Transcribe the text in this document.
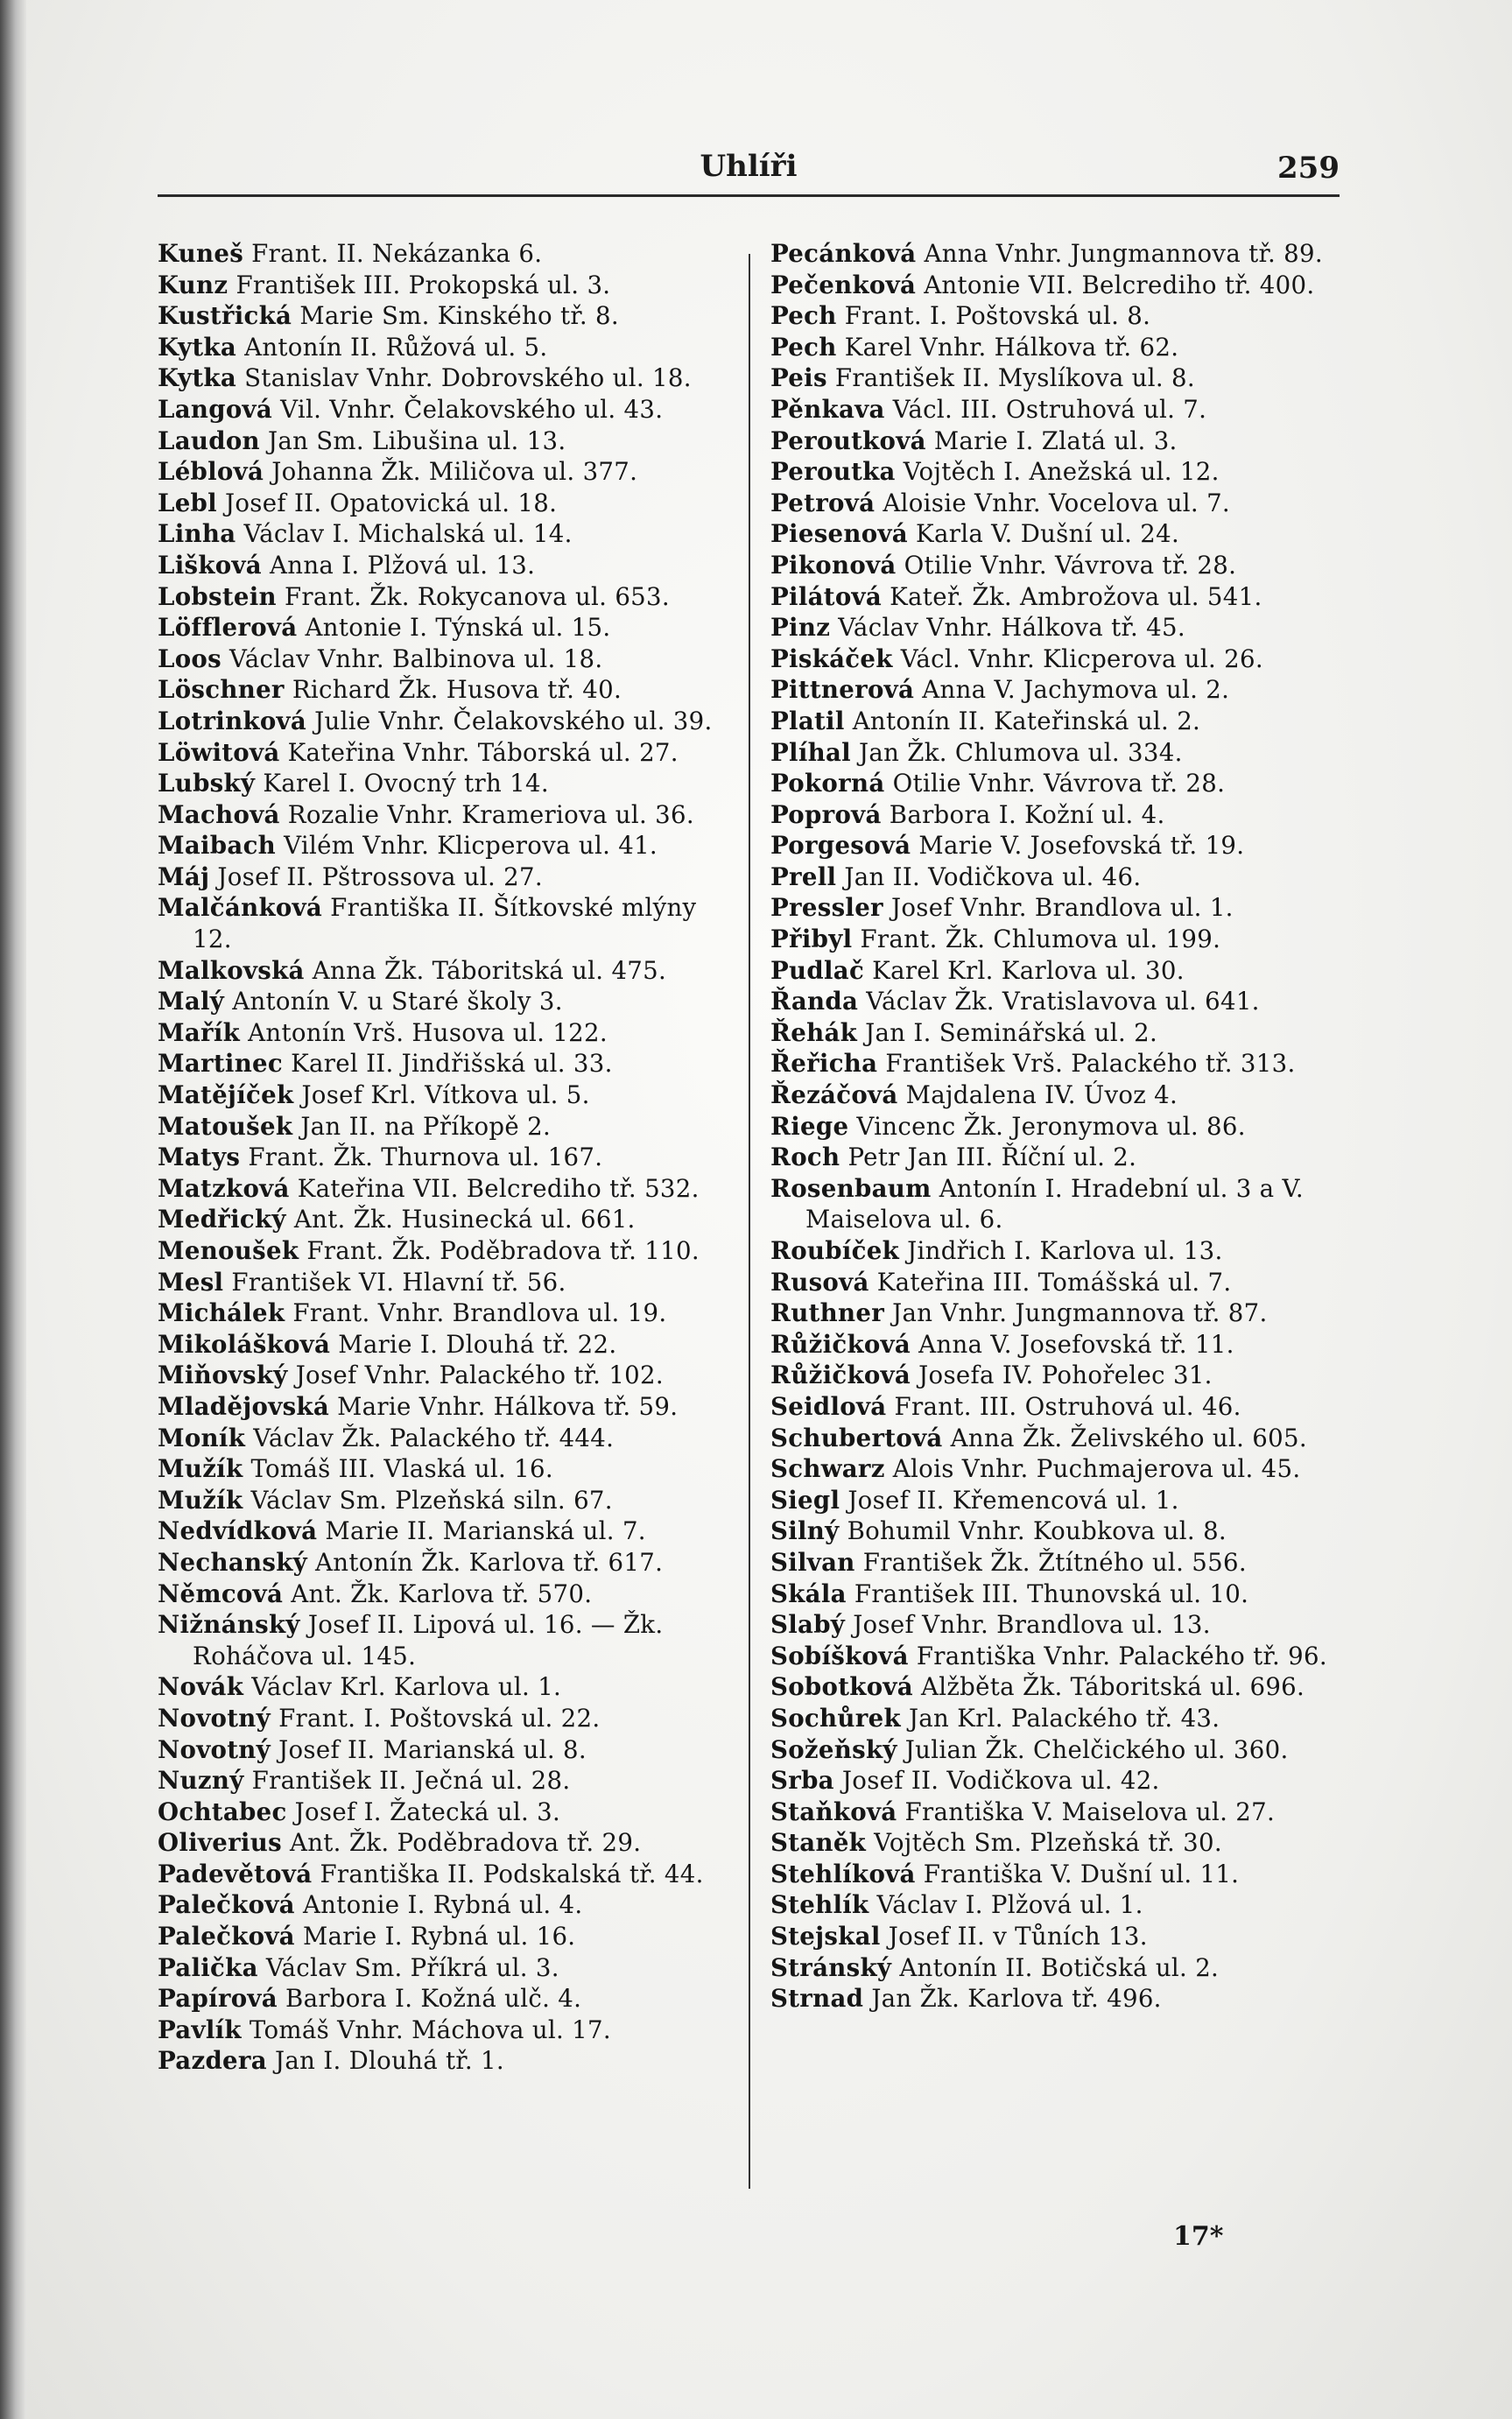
Uhlíři	259
Kuneš Frant. II. Nekázanka 6.
Kunz František III. Prokopská ul. 3.
Kustřická Marie Sm. Kinského tř. 8.
Kytka Antonín II. Růžová ul. 5.
Kytka Stanislav Vnhr. Dobrovského ul. 18.
Langová Vil. Vnhr. Čelakovského ul. 43.
Laudon Jan Sm. Libušina ul. 13.
Léblová Johanna Žk. Miličova ul. 377.
Lebl Josef II. Opatovická ul. 18.
Linha Václav I. Michalská ul. 14.
Lišková Anna I. Plžová ul. 13.
Lobstein Frant. Žk. Rokycanova ul. 653.
Löfflerová Antonie I. Týnská ul. 15.
Loos Václav Vnhr. Balbinova ul. 18.
Löschner Richard Žk. Husova tř. 40.
Lotrinková Julie Vnhr. Čelakovského ul. 39.
Löwitová Kateřina Vnhr. Táborská ul. 27.
Lubský Karel I. Ovocný trh 14.
Machová Rozalie Vnhr. Krameriova ul. 36.
Maibach Vilém Vnhr. Klicperova ul. 41.
Máj Josef II. Pštrossova ul. 27.
Malčánková Františka II. Šítkovské mlýny 12.
Malkovská Anna Žk. Táboritská ul. 475.
Malý Antonín V. u Staré školy 3.
Mařík Antonín Vrš. Husova ul. 122.
Martinec Karel II. Jindřišská ul. 33.
Matějíček Josef Krl. Vítkova ul. 5.
Matoušek Jan II. na Příkopě 2.
Matys Frant. Žk. Thurnova ul. 167.
Matzková Kateřina VII. Belcrediho tř. 532.
Medřický Ant. Žk. Husinecká ul. 661.
Menoušek Frant. Žk. Poděbradova tř. 110.
Mesl František VI. Hlavní tř. 56.
Michálek Frant. Vnhr. Brandlova ul. 19.
Mikolášková Marie I. Dlouhá tř. 22.
Miňovský Josef Vnhr. Palackého tř. 102.
Mladějovská Marie Vnhr. Hálkova tř. 59.
Moník Václav Žk. Palackého tř. 444.
Mužík Tomáš III. Vlaská ul. 16.
Mužík Václav Sm. Plzeňská siln. 67.
Nedvídková Marie II. Marianská ul. 7.
Nechanský Antonín Žk. Karlova tř. 617.
Němcová Ant. Žk. Karlova tř. 570.
Nižnánský Josef II. Lipová ul. 16. — Žk. Roháčova ul. 145.
Novák Václav Krl. Karlova ul. 1.
Novotný Frant. I. Poštovská ul. 22.
Novotný Josef II. Marianská ul. 8.
Nuzný František II. Ječná ul. 28.
Ochtabec Josef I. Žatecká ul. 3.
Oliverius Ant. Žk. Poděbradova tř. 29.
Padevětová Františka II. Podskalská tř. 44.
Palečková Antonie I. Rybná ul. 4.
Palečková Marie I. Rybná ul. 16.
Palička Václav Sm. Příkrá ul. 3.
Papírová Barbora I. Kožná ulč. 4.
Pavlík Tomáš Vnhr. Máchova ul. 17.
Pazdera Jan I. Dlouhá tř. 1.
Pecánková Anna Vnhr. Jungmannova tř. 89.
Pečenková Antonie VII. Belcrediho tř. 400.
Pech Frant. I. Poštovská ul. 8.
Pech Karel Vnhr. Hálkova tř. 62.
Peis František II. Myslíkova ul. 8.
Pěnkava Václ. III. Ostruhová ul. 7.
Peroutková Marie I. Zlatá ul. 3.
Peroutka Vojtěch I. Anežská ul. 12.
Petrová Aloisie Vnhr. Vocelova ul. 7.
Piesenová Karla V. Dušní ul. 24.
Pikonová Otilie Vnhr. Vávrova tř. 28.
Pilátová Kateř. Žk. Ambrožova ul. 541.
Pinz Václav Vnhr. Hálkova tř. 45.
Piskáček Václ. Vnhr. Klicperova ul. 26.
Pittnerová Anna V. Jachymova ul. 2.
Platil Antonín II. Kateřinská ul. 2.
Plíhal Jan Žk. Chlumova ul. 334.
Pokorná Otilie Vnhr. Vávrova tř. 28.
Poprová Barbora I. Kožní ul. 4.
Porgesová Marie V. Josefovská tř. 19.
Prell Jan II. Vodičkova ul. 46.
Pressler Josef Vnhr. Brandlova ul. 1.
Přibyl Frant. Žk. Chlumova ul. 199.
Pudlač Karel Krl. Karlova ul. 30.
Řanda Václav Žk. Vratislavova ul. 641.
Řehák Jan I. Seminářská ul. 2.
Řeřicha František Vrš. Palackého tř. 313.
Řezáčová Majdalena IV. Úvoz 4.
Riege Vincenc Žk. Jeronymova ul. 86.
Roch Petr Jan III. Říční ul. 2.
Rosenbaum Antonín I. Hradební ul. 3 a V. Maiselova ul. 6.
Roubíček Jindřich I. Karlova ul. 13.
Rusová Kateřina III. Tomášská ul. 7.
Ruthner Jan Vnhr. Jungmannova tř. 87.
Růžičková Anna V. Josefovská tř. 11.
Růžičková Josefa IV. Pohořelec 31.
Seidlová Frant. III. Ostruhová ul. 46.
Schubertová Anna Žk. Želivského ul. 605.
Schwarz Alois Vnhr. Puchmajerova ul. 45.
Siegl Josef II. Křemencová ul. 1.
Silný Bohumil Vnhr. Koubkova ul. 8.
Silvan František Žk. Žtítného ul. 556.
Skála František III. Thunovská ul. 10.
Slabý Josef Vnhr. Brandlova ul. 13.
Sobíšková Františka Vnhr. Palackého tř. 96.
Sobotková Alžběta Žk. Táboritská ul. 696.
Sochůrek Jan Krl. Palackého tř. 43.
Sožeňský Julian Žk. Chelčického ul. 360.
Srba Josef II. Vodičkova ul. 42.
Staňková Františka V. Maiselova ul. 27.
Staněk Vojtěch Sm. Plzeňská tř. 30.
Stehlíková Františka V. Dušní ul. 11.
Stehlík Václav I. Plžová ul. 1.
Stejskal Josef II. v Tůních 13.
Stránský Antonín II. Botičská ul. 2.
Strnad Jan Žk. Karlova tř. 496.
17*
